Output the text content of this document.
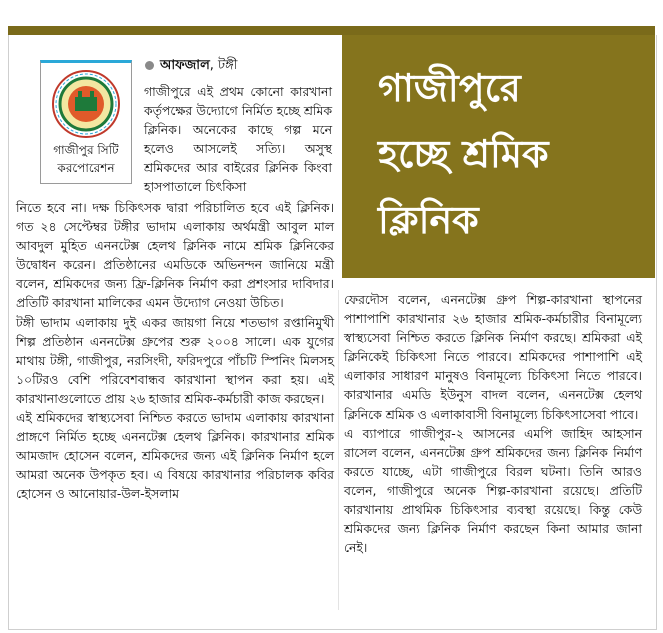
গাজীপুর সিটি
করপোরেশন
আফজাল, টঙ্গী
গাজীপুরে এই প্রথম কোনো কারখানা কর্তৃপক্ষের উদ্যোগে নির্মিত হচ্ছে শ্রমিক ক্লিনিক। অনেকের কাছে গল্প মনে হলেও আসলেই সত্যি। অসুস্থ শ্রমিকদের আর বাইরের ক্লিনিক কিংবা হাসপাতালে চিৎকিসা
নিতে হবে না। দক্ষ চিকিৎসক দ্বারা পরিচালিত হবে এই ক্লিনিক। গত ২৪ সেপ্টেম্বর টঙ্গীর ভাদাম এলাকায় অর্থমন্ত্রী আবুল মাল আবদুল মুহিত এননটেক্স হেলথ ক্লিনিক নামে শ্রমিক ক্লিনিকের উদ্বোধন করেন। প্রতিষ্ঠানের এমডিকে অভিনন্দন জানিয়ে মন্ত্রী বলেন, শ্রমিকদের জন্য ফ্রি-ক্লিনিক নির্মাণ করা প্রশংসার দাবিদার। প্রতিটি কারখানা মালিকের এমন উদ্যোগ নেওয়া উচিত।
টঙ্গী ভাদাম এলাকায় দুই একর জায়গা নিয়ে শতভাগ রপ্তানিমুখী শিল্প প্রতিষ্ঠান এননটেক্স গ্রুপের শুরু ২০০৪ সালে। এক যুগের মাথায় টঙ্গী, গাজীপুর, নরসিংদী, ফরিদপুরে পাঁচটি স্পিনিং মিলসহ ১০টিরও বেশি পরিবেশবান্ধব কারখানা স্থাপন করা হয়। এই কারখানাগুলোতে প্রায় ২৬ হাজার শ্রমিক-কর্মচারী কাজ করছেন।
এই শ্রমিকদের স্বাস্থ্যসেবা নিশ্চিত করতে ভাদাম এলাকায় কারখানা প্রাঙ্গণে নির্মিত হচ্ছে এননটেক্স হেলথ ক্লিনিক। কারখানার শ্রমিক আমজাদ হোসেন বলেন, শ্রমিকদের জন্য এই ক্লিনিক নির্মাণ হলে আমরা অনেক উপকৃত হব। এ বিষয়ে কারখানার পরিচালক কবির হোসেন ও আনোয়ার-উল-ইসলাম
গাজীপুরে
হচ্ছে শ্রমিক
ক্লিনিক
ফেরদৌস বলেন, এননটেক্স গ্রুপ শিল্প-কারখানা স্থাপনের পাশাপাশি কারখানার ২৬ হাজার শ্রমিক-কর্মচারীর বিনামূল্যে স্বাস্থ্যসেবা নিশ্চিত করতে ক্লিনিক নির্মাণ করছে। শ্রমিকরা এই ক্লিনিকেই চিকিৎসা নিতে পারবে। শ্রমিকদের পাশাপাশি এই এলাকার সাধারণ মানুষও বিনামূল্যে চিকিৎসা নিতে পারবে। কারখানার এমডি ইউনুস বাদল বলেন, এননটেক্স হেলথ ক্লিনিকে শ্রমিক ও এলাকাবাসী বিনামূল্যে চিকিৎসাসেবা পাবে।
এ ব্যাপারে গাজীপুর-২ আসনের এমপি জাহিদ আহসান রাসেল বলেন, এননটেক্স গ্রুপ শ্রমিকদের জন্য ক্লিনিক নির্মাণ করতে যাচ্ছে, এটা গাজীপুরে বিরল ঘটনা। তিনি আরও বলেন, গাজীপুরে অনেক শিল্প-কারখানা রয়েছে। প্রতিটি কারখানায় প্রাথমিক চিকিৎসার ব্যবস্থা রয়েছে। কিন্তু কেউ শ্রমিকদের জন্য ক্লিনিক নির্মাণ করছেন কিনা আমার জানা নেই।
